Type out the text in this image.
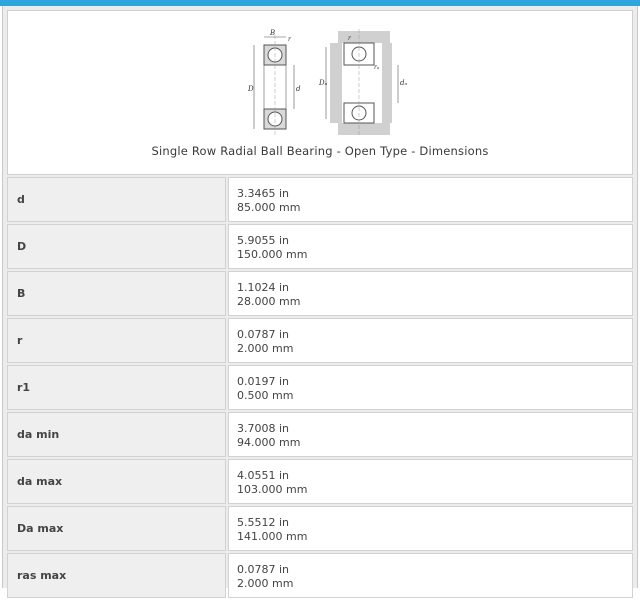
B
r
D	d
r
rₐ
Dₐ	dₐ
Single Row Radial Ball Bearing - Open Type - Dimensions
d	3.3465 in
85.000 mm
D	5.9055 in
150.000 mm
B	1.1024 in
28.000 mm
r	0.0787 in
2.000 mm
r1	0.0197 in
0.500 mm
da min	3.7008 in
94.000 mm
da max	4.0551 in
103.000 mm
Da max	5.5512 in
141.000 mm
ras max	0.0787 in
2.000 mm
